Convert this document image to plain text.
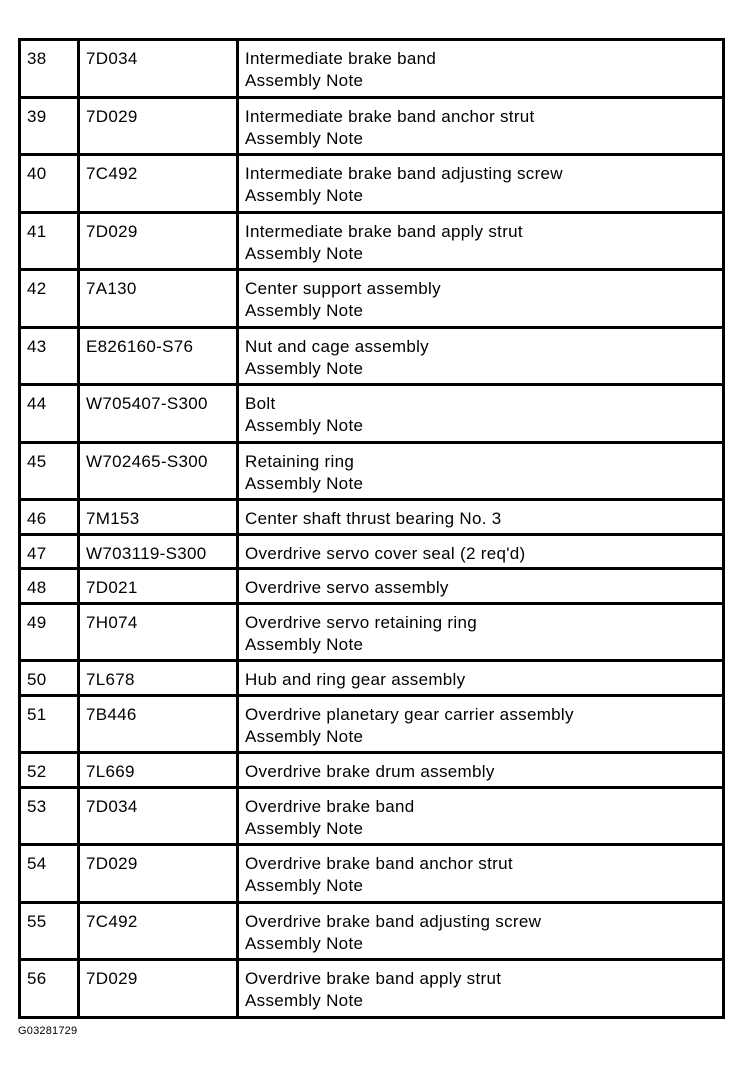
38	7D034	Intermediate brake band
Assembly Note

39	7D029	Intermediate brake band anchor strut
Assembly Note

40	7C492	Intermediate brake band adjusting screw
Assembly Note

41	7D029	Intermediate brake band apply strut
Assembly Note

42	7A130	Center support assembly
Assembly Note

43	E826160-S76	Nut and cage assembly
Assembly Note

44	W705407-S300	Bolt
Assembly Note

45	W702465-S300	Retaining ring
Assembly Note

46	7M153	Center shaft thrust bearing No. 3

47	W703119-S300	Overdrive servo cover seal (2 req'd)

48	7D021	Overdrive servo assembly

49	7H074	Overdrive servo retaining ring
Assembly Note

50	7L678	Hub and ring gear assembly

51	7B446	Overdrive planetary gear carrier assembly
Assembly Note

52	7L669	Overdrive brake drum assembly

53	7D034	Overdrive brake band
Assembly Note

54	7D029	Overdrive brake band anchor strut
Assembly Note

55	7C492	Overdrive brake band adjusting screw
Assembly Note

56	7D029	Overdrive brake band apply strut
Assembly Note
G03281729
